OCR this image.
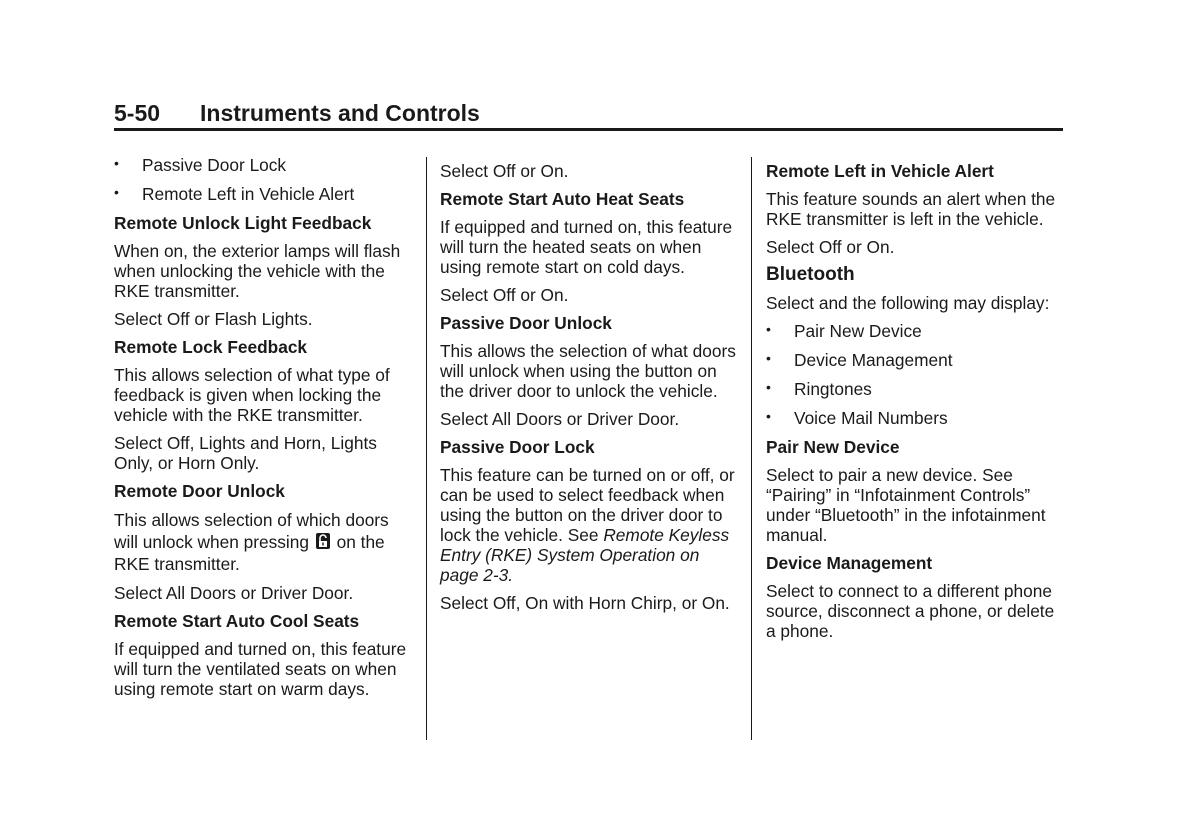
5-50 Instruments and Controls
• Passive Door Lock
• Remote Left in Vehicle Alert

Remote Unlock Light Feedback

When on, the exterior lamps will flash when unlocking the vehicle with the RKE transmitter.

Select Off or Flash Lights.

Remote Lock Feedback

This allows selection of what type of feedback is given when locking the vehicle with the RKE transmitter.

Select Off, Lights and Horn, Lights Only, or Horn Only.

Remote Door Unlock

This allows selection of which doors will unlock when pressing on the RKE transmitter.

Select All Doors or Driver Door.

Remote Start Auto Cool Seats

If equipped and turned on, this feature will turn the ventilated seats on when using remote start on warm days.

Select Off or On.

Remote Start Auto Heat Seats

If equipped and turned on, this feature will turn the heated seats on when using remote start on cold days.

Select Off or On.

Passive Door Unlock

This allows the selection of what doors will unlock when using the button on the driver door to unlock the vehicle.

Select All Doors or Driver Door.

Passive Door Lock

This feature can be turned on or off, or can be used to select feedback when using the button on the driver door to lock the vehicle. See Remote Keyless Entry (RKE) System Operation on page 2-3.

Select Off, On with Horn Chirp, or On.

Remote Left in Vehicle Alert

This feature sounds an alert when the RKE transmitter is left in the vehicle.

Select Off or On.

Bluetooth

Select and the following may display:

• Pair New Device
• Device Management
• Ringtones
• Voice Mail Numbers

Pair New Device

Select to pair a new device. See “Pairing” in “Infotainment Controls” under “Bluetooth” in the infotainment manual.

Device Management

Select to connect to a different phone source, disconnect a phone, or delete a phone.
